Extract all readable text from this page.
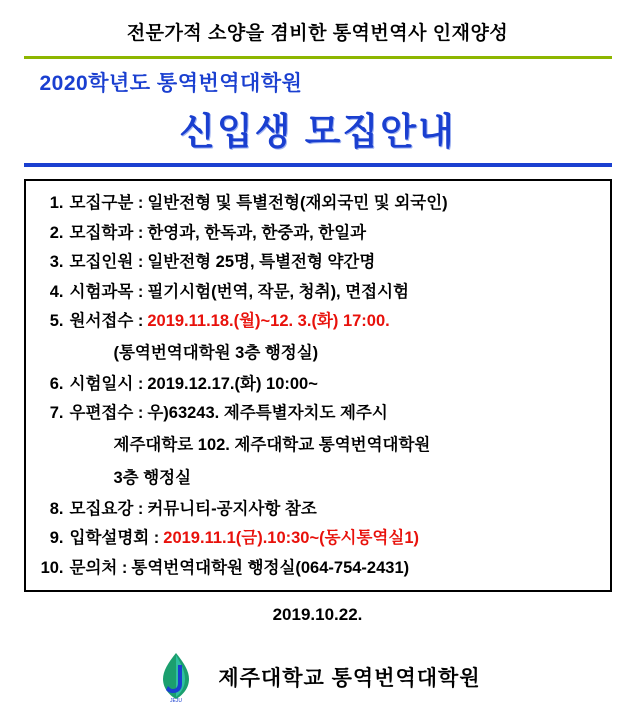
전문가적 소양을 겸비한 통역번역사 인재양성
2020학년도 통역번역대학원
신입생 모집안내
1. 모집구분 : 일반전형 및 특별전형(재외국민 및 외국인)
2. 모집학과 : 한영과, 한독과, 한중과, 한일과
3. 모집인원 : 일반전형 25명, 특별전형 약간명
4. 시험과목 : 필기시험(번역, 작문, 청취), 면접시험
5. 원서접수 : 2019.11.18.(월)~12. 3.(화) 17:00.
(통역번역대학원 3층 행정실)
6. 시험일시 : 2019.12.17.(화) 10:00~
7. 우편접수 : 우)63243. 제주특별자치도 제주시
제주대학로 102. 제주대학교 통역번역대학원
3층 행정실
8. 모집요강 : 커뮤니티-공지사항 참조
9. 입학설명회 : 2019.11.1(금).10:30~(동시통역실1)
10. 문의처 : 통역번역대학원 행정실(064-754-2431)
2019.10.22.
JEJU
제주대학교 통역번역대학원
